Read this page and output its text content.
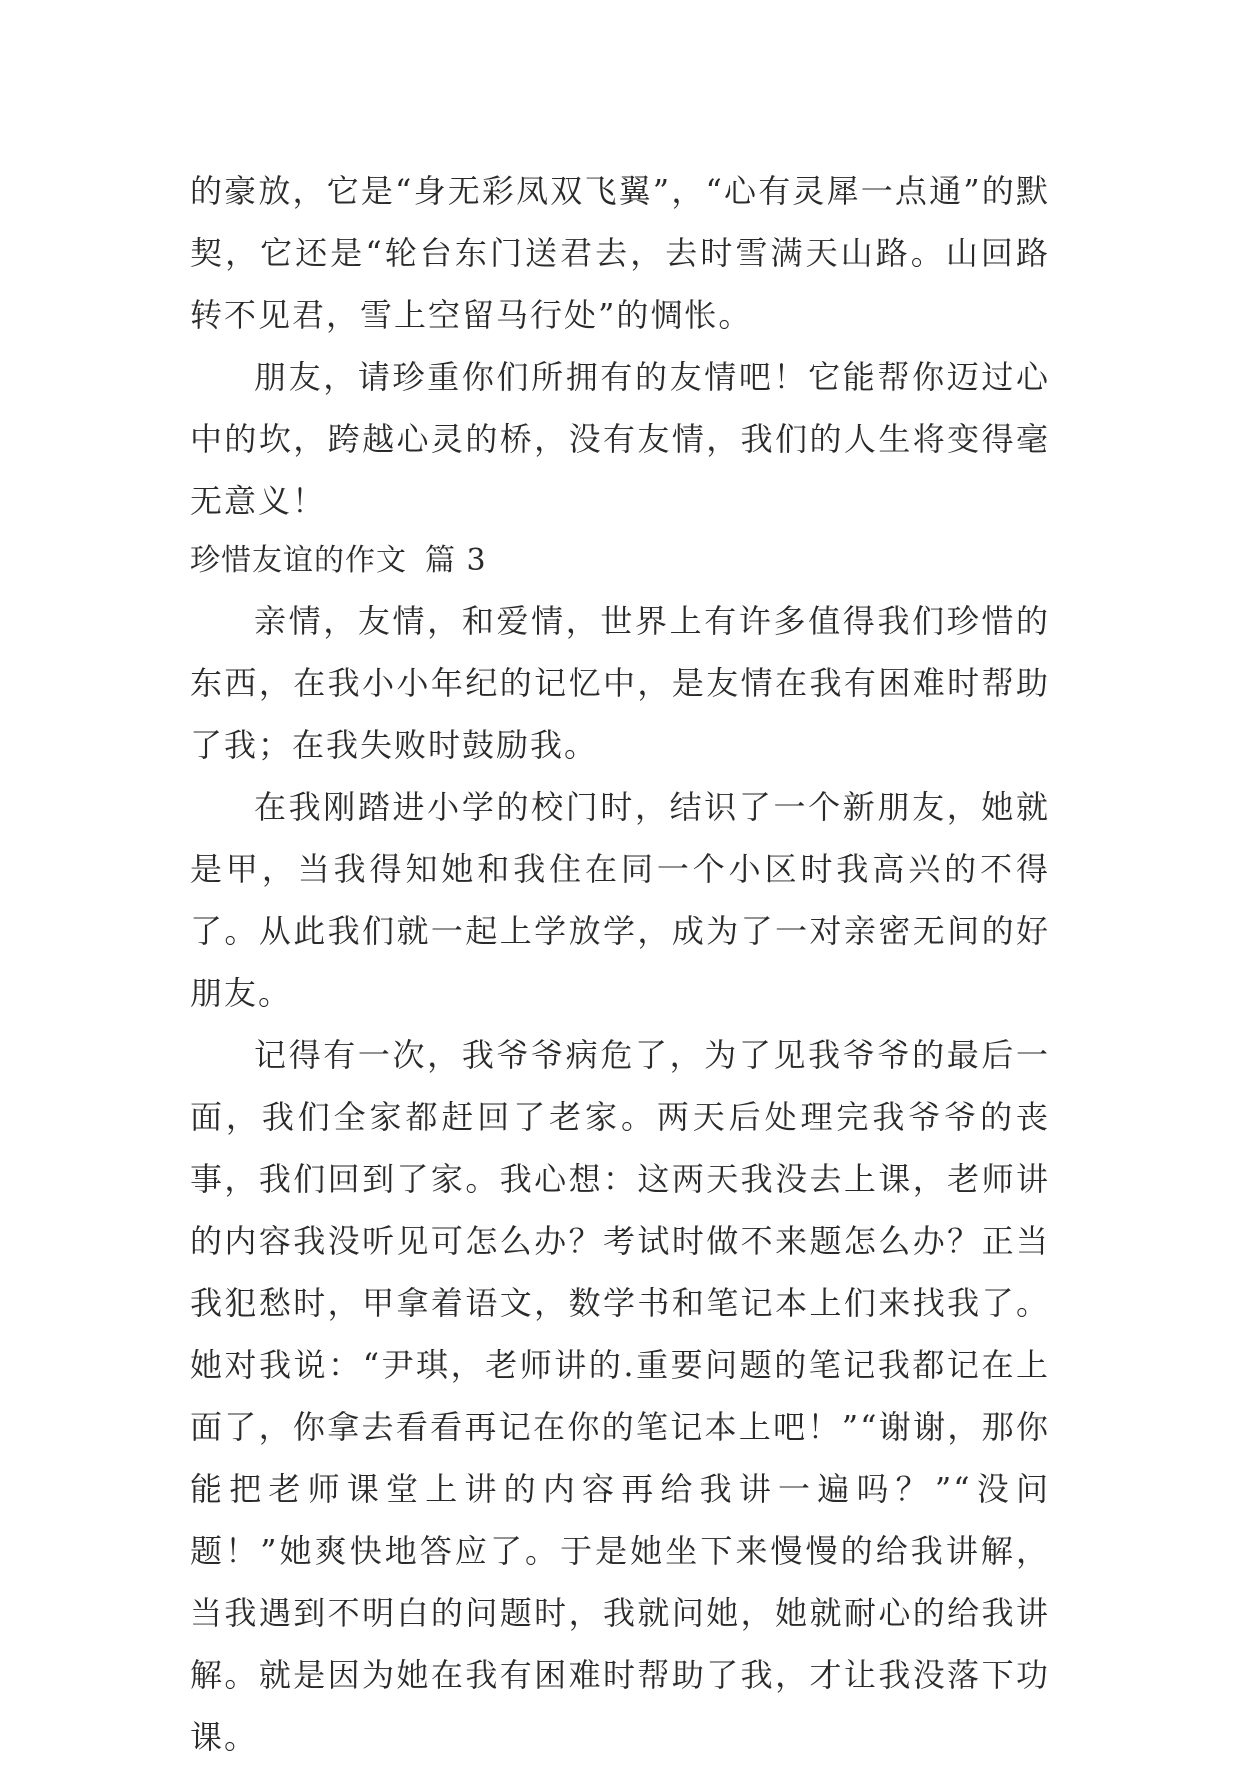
的豪放，它是“身无彩凤双飞翼”，“心有灵犀一点通”的默契，它还是“轮台东门送君去，去时雪满天山路。山回路转不见君，雪上空留马行处”的惆怅。

朋友，请珍重你们所拥有的友情吧！它能帮你迈过心中的坎，跨越心灵的桥，没有友情，我们的人生将变得毫无意义！

珍惜友谊的作文 篇 3

亲情，友情，和爱情，世界上有许多值得我们珍惜的东西，在我小小年纪的记忆中，是友情在我有困难时帮助了我；在我失败时鼓励我。

在我刚踏进小学的校门时，结识了一个新朋友，她就是甲，当我得知她和我住在同一个小区时我高兴的不得了。从此我们就一起上学放学，成为了一对亲密无间的好朋友。

记得有一次，我爷爷病危了，为了见我爷爷的最后一面，我们全家都赶回了老家。两天后处理完我爷爷的丧事，我们回到了家。我心想：这两天我没去上课，老师讲的内容我没听见可怎么办？考试时做不来题怎么办？正当我犯愁时，甲拿着语文，数学书和笔记本上们来找我了。她对我说：“尹琪，老师讲的.重要问题的笔记我都记在上面了，你拿去看看再记在你的笔记本上吧！”“谢谢，那你能把老师课堂上讲的内容再给我讲一遍吗？”“没问题！”她爽快地答应了。于是她坐下来慢慢的给我讲解，当我遇到不明白的问题时，我就问她，她就耐心的给我讲解。就是因为她在我有困难时帮助了我，才让我没落下功课。
